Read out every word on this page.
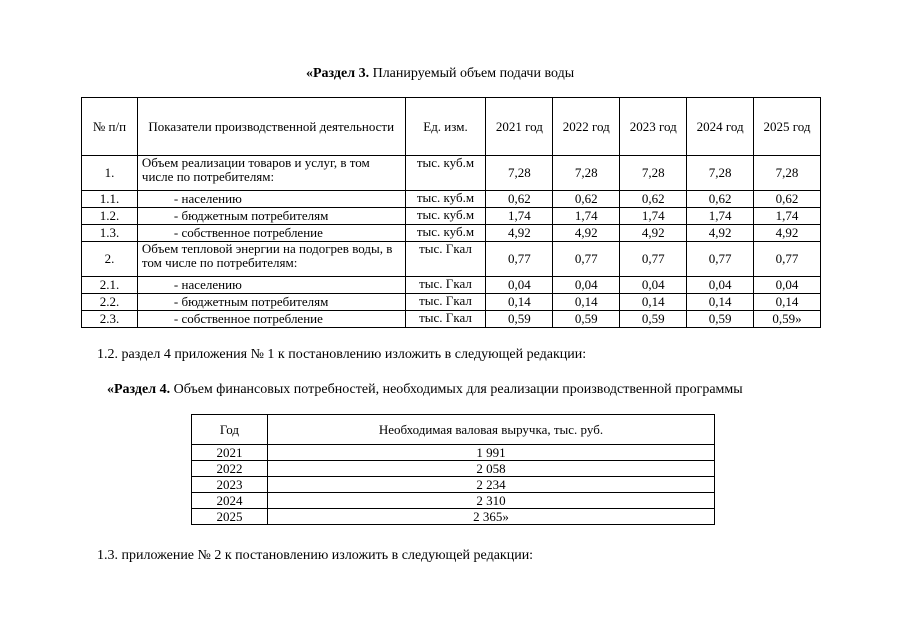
«Раздел 3. Планируемый объем подачи воды
№ п/п	Показатели производственной деятельности	Ед. изм.	2021 год	2022 год	2023 год	2024 год	2025 год
1.	Объем реализации товаров и услуг, в том числе по потребителям:	тыс. куб.м	7,28	7,28	7,28	7,28	7,28
1.1.	- населению	тыс. куб.м	0,62	0,62	0,62	0,62	0,62
1.2.	- бюджетным потребителям	тыс. куб.м	1,74	1,74	1,74	1,74	1,74
1.3.	- собственное потребление	тыс. куб.м	4,92	4,92	4,92	4,92	4,92
2.	Объем тепловой энергии на подогрев воды, в том числе по потребителям:	тыс. Гкал	0,77	0,77	0,77	0,77	0,77
2.1.	- населению	тыс. Гкал	0,04	0,04	0,04	0,04	0,04
2.2.	- бюджетным потребителям	тыс. Гкал	0,14	0,14	0,14	0,14	0,14
2.3.	- собственное потребление	тыс. Гкал	0,59	0,59	0,59	0,59	0,59»
1.2. раздел 4 приложения № 1 к постановлению изложить в следующей редакции:
«Раздел 4. Объем финансовых потребностей, необходимых для реализации производственной программы
Год	Необходимая валовая выручка, тыс. руб.
2021	1 991
2022	2 058
2023	2 234
2024	2 310
2025	2 365»
1.3. приложение № 2 к постановлению изложить в следующей редакции:
